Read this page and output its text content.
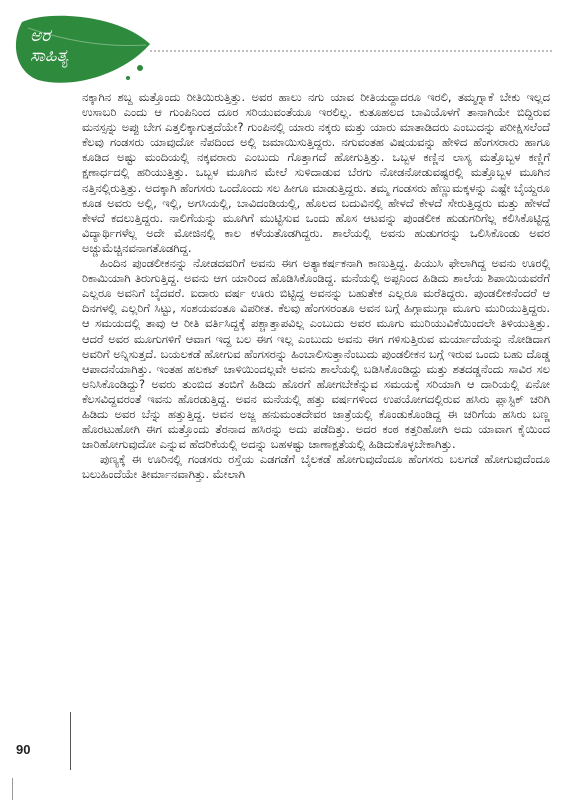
ಅರ
ಸಾಹಿತ್ಯ

ನಕ್ಕಾಗಿನ ಶಬ್ದ ಮತ್ತೊಂದು ರೀತಿಯಿರುತ್ತಿತ್ತು. ಅವರ ಹಾಲು ನಗು ಯಾವ ರೀತಿಯದ್ದಾದರೂ ಇರಲಿ, ತಮ್ಮಗ್ನಾಕೆ ಬೇಕು ಇಲ್ಲದ ಉಸಾಬರಿ ಎಂದು ಆ ಗುಂಪಿನಿಂದ ದೂರ ಸರಿಯುವಂತೆಯೂ ಇರಲಿಲ್ಲ. ಕುತೂಹಲದ ಬಾವಿಯೊಳಗೆ ತಾನಾಗಿಯೇ ಬಿದ್ದಿರುವ ಮನಸ್ಸನ್ನು ಅಪ್ಪು ಬೇಗ ಎತ್ತಲಿಕ್ಕಾಗುತ್ತದೆಯೇ? ಗುಂಪಿನಲ್ಲಿ ಯಾರು ನಕ್ಕರು ಮತ್ತು ಯಾರು ಮಾತಾಡಿದರು ಎಂಬುದನ್ನು ಪರೀಕ್ಷಿಸಲೆಂದೆ ಕೆಲವು ಗಂಡಸರು ಯಾವುದೋ ನೆಪದಿಂದ ಅಲ್ಲಿ ಜಮಾಯಿಸುತ್ತಿದ್ದರು. ನಗುವಂತಹ ವಿಷಯವನ್ನು ಹೇಳಿದ ಹೆಂಗಸರಾರು ಹಾಗೂ ಕೂಡಿದ ಅಷ್ಟು ಮಂದಿಯಲ್ಲಿ ನಕ್ಕವರಾರು ಎಂಬುದು ಗೊತ್ತಾಗದೆ ಹೋಗುತ್ತಿತ್ತು. ಒಬ್ಬಳ ಕಣ್ಣಿನ ಲಾಸ್ಯ ಮತ್ತೊಬ್ಬಳ ಕಣ್ಣಿಗೆ ಕ್ಷಣಾರ್ಧದಲ್ಲಿ ಹರಿಯುತ್ತಿತ್ತು. ಒಬ್ಬಳ ಮೂಗಿನ ಮೇಲೆ ಸುಳಿದಾಡುವ ಬೆರಗು ನೋಡನೋಡುವಷ್ಟರಲ್ಲಿ ಮತ್ತೊಬ್ಬಳ ಮೂಗಿನ ನತ್ತಿನಲ್ಲಿರುತ್ತಿತ್ತು. ಅದಕ್ಕಾಗಿ ಹೆಂಗಸರು ಒಂದೊಂದು ಸಲ ಹೀಗೂ ಮಾಡುತ್ತಿದ್ದರು. ತಮ್ಮ ಗಂಡಸರು ಹೆಣ್ಣುಮಕ್ಕಳನ್ನು ಎಷ್ಟೇ ಬೈಯ್ದರೂ ಕೂಡ ಅವರು ಅಲ್ಲಿ, ಇಲ್ಲಿ, ಅಗಸಿಯಲ್ಲಿ, ಬಾವಿದಂಡಿಯಲ್ಲಿ, ಹೊಲದ ಬದುವಿನಲ್ಲಿ ಹೇಳದೆ ಕೇಳದೆ ಸೇರುತ್ತಿದ್ದರು ಮತ್ತು ಹೇಳದೆ ಕೇಳದೆ ಕದಲುತ್ತಿದ್ದರು. ನಾಲಿಗೆಯನ್ನು ಮೂಗಿಗೆ ಮುಟ್ಟಿಸುವ ಒಂದು ಹೊಸ ಆಟವನ್ನು ಪುಂಡಲೀಕ ಹುಡುಗರಿಗೆಲ್ಲ ಕಲಿಸಿಕೊಟ್ಟಿದ್ದ ವಿದ್ಯಾರ್ಥಿಗಳೆಲ್ಲ ಅದೇ ಮೋಜಿನಲ್ಲಿ ಕಾಲ ಕಳೆಯತೊಡಗಿದ್ದರು. ಶಾಲೆಯಲ್ಲಿ ಅವನು ಹುಡುಗರನ್ನು ಒಲಿಸಿಕೊಂಡು ಅವರ ಅಚ್ಚುಮೆಚ್ಚಿನವನಾಗತೊಡಗಿದ್ದ.

ಹಿಂದಿನ ಪುಂಡಲೀಕನನ್ನು ನೋಡದವರಿಗೆ ಅವನು ಈಗ ಅತ್ಯಾಕರ್ಷಕನಾಗಿ ಕಾಣುತ್ತಿದ್ದ. ಪಿಯುಸಿ ಫೇಲಾಗಿದ್ದ ಅವನು ಊರಲ್ಲಿ ರಿಕಾಮಿಯಾಗಿ ತಿರುಗುತ್ತಿದ್ದ. ಅವನು ಆಗ ಯಾರಿಂದ ಹೊಡಿಸಿಕೊಂಡಿದ್ದ. ಮನೆಯಲ್ಲಿ ಅಪ್ಪನಿಂದ ಹಿಡಿದು ಶಾಲೆಯ ಶಿಪಾಯಿಯವರೆಗೆ ಎಲ್ಲರೂ ಅವನಿಗೆ ಬೈದವರೆ. ಐದಾರು ವರ್ಷ ಊರು ಬಿಟ್ಟಿದ್ದ ಅವನನ್ನು ಬಹುತೇಕ ಎಲ್ಲರೂ ಮರೆತಿದ್ದರು. ಪುಂಡಲೀಕನೆಂದರೆ ಆ ದಿನಗಳಲ್ಲಿ ಎಲ್ಲರಿಗೆ ಸಿಟ್ಟು, ಸಂಶಯವಂತೂ ವಿಪರೀತ. ಕೆಲವು ಹೆಂಗಸರಂತೂ ಅವನ ಬಗ್ಗೆ ಹಿಗ್ಗಾಮುಗ್ಗಾ ಮೂಗು ಮುರಿಯುತ್ತಿದ್ದರು. ಆ ಸಮಯದಲ್ಲಿ ತಾವು ಆ ರೀತಿ ವರ್ತಿಸಿದ್ದಕ್ಕೆ ಪಶ್ಚಾತ್ತಾಪವಿಲ್ಲ ಎಂಬುದು ಅವರ ಮೂಗು ಮುರಿಯುವಿಕೆಯಿಂದಲೇ ತಿಳಿಯುತ್ತಿತ್ತು. ಆದರೆ ಅವರ ಮೂಗುಗಳಿಗೆ ಆವಾಗ ಇದ್ದ ಬಲ ಈಗ ಇಲ್ಲ ಎಂಬುದು ಅವನು ಈಗ ಗಳಿಸುತ್ತಿರುವ ಮರ್ಯಾದೆಯನ್ನು ನೋಡಿದಾಗ ಅವರಿಗೆ ಅನ್ನಿಸುತ್ತದೆ. ಬಯಲಕಡೆ ಹೋಗುವ ಹೆಂಗಸರನ್ನು ಹಿಂಬಾಲಿಸುತ್ತಾನೆಂಬುದು ಪುಂಡಲೀಕನ ಬಗ್ಗೆ ಇರುವ ಒಂದು ಬಹು ದೊಡ್ಡ ಆಪಾದನೆಯಾಗಿತ್ತು. ಇಂತಹ ಹಲಕಟ್ ಚಾಳಿಯಿಂದಲ್ಲವೇ ಅವನು ಶಾಲೆಯಲ್ಲಿ ಬಡಿಸಿಕೊಂಡಿದ್ದು ಮತ್ತು ಶತದಡ್ಡನೆಂದು ಸಾವಿರ ಸಲ ಅನಿಸಿಕೊಂಡಿದ್ದು? ಅವರು ತುಂಬಿದ ತಂಬಿಗೆ ಹಿಡಿದು ಹೊರಗೆ ಹೋಗಬೇಕೆನ್ನುವ ಸಮಯಕ್ಕೆ ಸರಿಯಾಗಿ ಆ ದಾರಿಯಲ್ಲಿ ಏನೋ ಕೆಲಸವಿದ್ದವರಂತೆ ಇವನು ಹೊರಡುತ್ತಿದ್ದ. ಅವನ ಮನೆಯಲ್ಲಿ ಹತ್ತು ವರ್ಷಗಳಿಂದ ಉಪಯೋಗದಲ್ಲಿರುವ ಹಸಿರು ಪ್ಲಾಸ್ಟಿಕ್ ಚರಿಗಿ ಹಿಡಿದು ಅವರ ಬೆನ್ನು ಹತ್ತುತ್ತಿದ್ದ. ಅವನ ಅಜ್ಜ ಹನುಮಂತದೇವರ ಜಾತ್ರೆಯಲ್ಲಿ ಕೊಂಡುಕೊಂಡಿದ್ದ ಈ ಚರಿಗೆಯ ಹಸಿರು ಬಣ್ಣ ಹೊರಟುಹೋಗಿ ಈಗ ಮತ್ತೊಂದು ತೆರನಾದ ಹಸಿರನ್ನು ಅದು ಪಡೆದಿತ್ತು. ಅದರ ಕಂಠ ಕತ್ತರಿಹೋಗಿ ಅದು ಯಾವಾಗ ಕೈಯಿಂದ ಜಾರಿಹೋಗುವುದೋ ಎನ್ನುವ ಹೆದರಿಕೆಯಲ್ಲಿ ಅದನ್ನು ಬಹಳಷ್ಟು ಚಾಣಾಕ್ಷತೆಯಲ್ಲಿ ಹಿಡಿದುಕೊಳ್ಳಬೇಕಾಗಿತ್ತು.

ಪುಣ್ಯಕ್ಕೆ ಈ ಊರಿನಲ್ಲಿ ಗಂಡಸರು ರಸ್ತೆಯ ಎಡಗಡೆಗೆ ಬೈಲಕಡೆ ಹೋಗುವುದೆಂದೂ ಹೆಂಗಸರು ಬಲಗಡೆ ಹೋಗುವುದೆಂದೂ ಬಲುಹಿಂದೆಯೇ ತೀರ್ಮಾನವಾಗಿತ್ತು. ಮೇಲಾಗಿ

90
